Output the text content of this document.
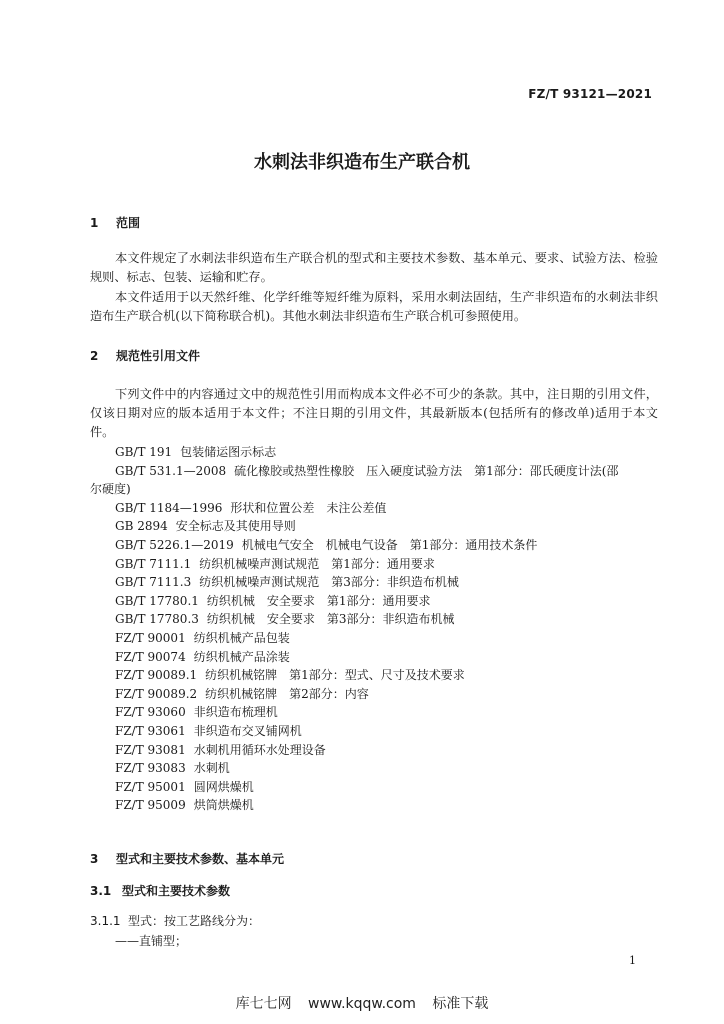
FZ/T 93121—2021
水刺法非织造布生产联合机
1 范围
本文件规定了水刺法非织造布生产联合机的型式和主要技术参数、基本单元、要求、试验方法、检验规则、标志、包装、运输和贮存。
本文件适用于以天然纤维、化学纤维等短纤维为原料，采用水刺法固结，生产非织造布的水刺法非织造布生产联合机(以下简称联合机)。其他水刺法非织造布生产联合机可参照使用。
2 规范性引用文件
下列文件中的内容通过文中的规范性引用而构成本文件必不可少的条款。其中，注日期的引用文件，仅该日期对应的版本适用于本文件；不注日期的引用文件，其最新版本(包括所有的修改单)适用于本文件。
GB/T 191 包装储运图示标志
GB/T 531.1—2008 硫化橡胶或热塑性橡胶　压入硬度试验方法　第1部分：邵氏硬度计法(邵
尔硬度)
GB/T 1184—1996 形状和位置公差　未注公差值
GB 2894 安全标志及其使用导则
GB/T 5226.1—2019 机械电气安全　机械电气设备　第1部分：通用技术条件
GB/T 7111.1 纺织机械噪声测试规范　第1部分：通用要求
GB/T 7111.3 纺织机械噪声测试规范　第3部分：非织造布机械
GB/T 17780.1 纺织机械　安全要求　第1部分：通用要求
GB/T 17780.3 纺织机械　安全要求　第3部分：非织造布机械
FZ/T 90001 纺织机械产品包装
FZ/T 90074 纺织机械产品涂装
FZ/T 90089.1 纺织机械铭牌　第1部分：型式、尺寸及技术要求
FZ/T 90089.2 纺织机械铭牌　第2部分：内容
FZ/T 93060 非织造布梳理机
FZ/T 93061 非织造布交叉铺网机
FZ/T 93081 水刺机用循环水处理设备
FZ/T 93083 水刺机
FZ/T 95001 圆网烘燥机
FZ/T 95009 烘筒烘燥机
3 型式和主要技术参数、基本单元
3.1 型式和主要技术参数
3.1.1 型式：按工艺路线分为：
——直铺型；
1
库七七网 www.kqqw.com 标准下载
